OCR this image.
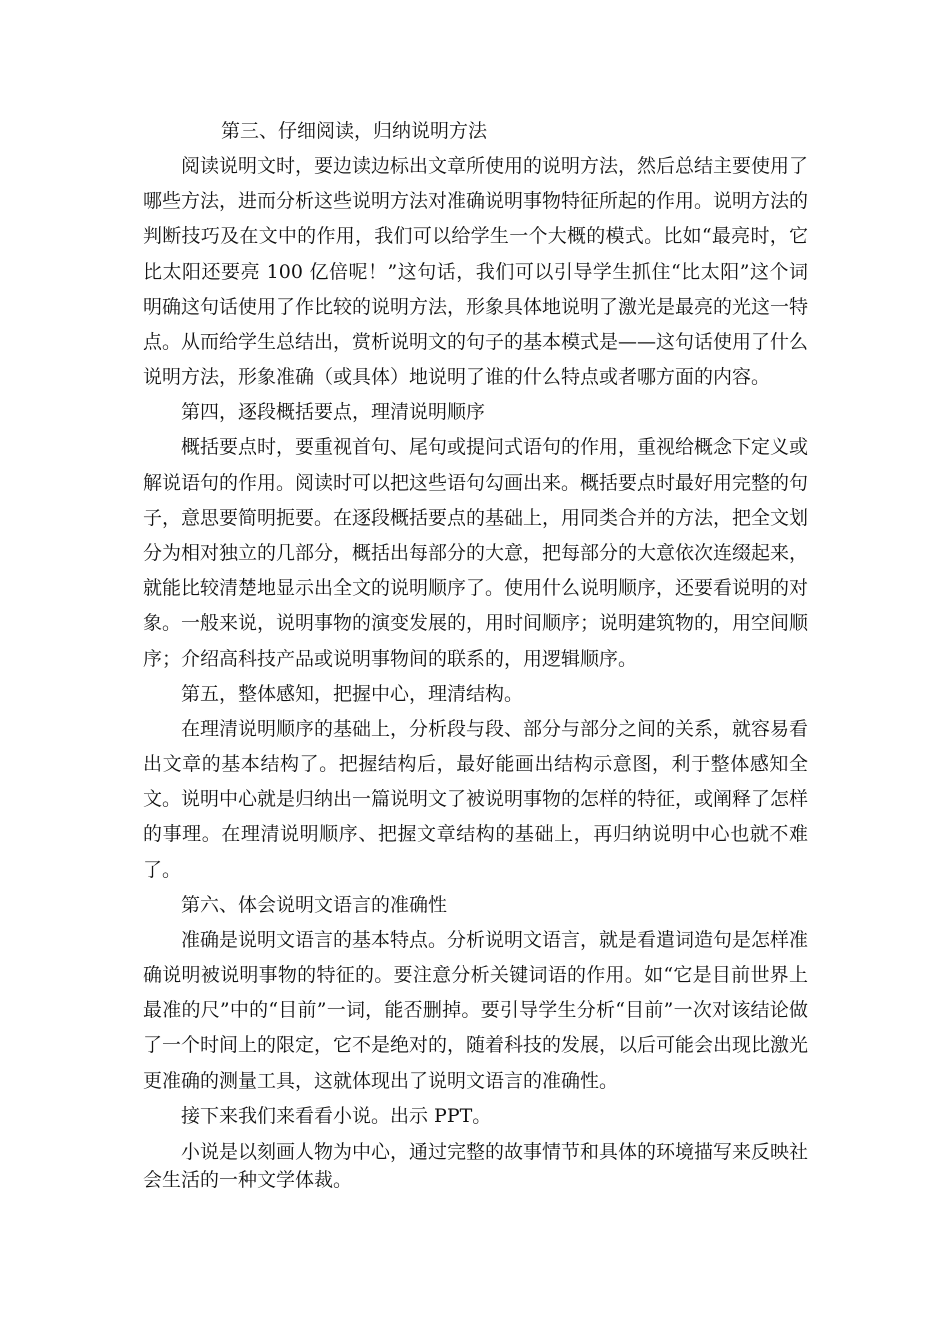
第三、仔细阅读，归纳说明方法

阅读说明文时，要边读边标出文章所使用的说明方法，然后总结主要使用了哪些方法，进而分析这些说明方法对准确说明事物特征所起的作用。说明方法的判断技巧及在文中的作用，我们可以给学生一个大概的模式。比如“最亮时，它比太阳还要亮 100 亿倍呢！”这句话，我们可以引导学生抓住“比太阳”这个词明确这句话使用了作比较的说明方法，形象具体地说明了激光是最亮的光这一特点。从而给学生总结出，赏析说明文的句子的基本模式是——这句话使用了什么说明方法，形象准确（或具体）地说明了谁的什么特点或者哪方面的内容。

第四，逐段概括要点，理清说明顺序

概括要点时，要重视首句、尾句或提问式语句的作用，重视给概念下定义或解说语句的作用。阅读时可以把这些语句勾画出来。概括要点时最好用完整的句子，意思要简明扼要。在逐段概括要点的基础上，用同类合并的方法，把全文划分为相对独立的几部分，概括出每部分的大意，把每部分的大意依次连缀起来，就能比较清楚地显示出全文的说明顺序了。使用什么说明顺序，还要看说明的对象。一般来说，说明事物的演变发展的，用时间顺序；说明建筑物的，用空间顺序；介绍高科技产品或说明事物间的联系的，用逻辑顺序。

第五，整体感知，把握中心，理清结构。

在理清说明顺序的基础上，分析段与段、部分与部分之间的关系，就容易看出文章的基本结构了。把握结构后，最好能画出结构示意图，利于整体感知全文。说明中心就是归纳出一篇说明文了被说明事物的怎样的特征，或阐释了怎样的事理。在理清说明顺序、把握文章结构的基础上，再归纳说明中心也就不难了。

第六、体会说明文语言的准确性

准确是说明文语言的基本特点。分析说明文语言，就是看遣词造句是怎样准确说明被说明事物的特征的。要注意分析关键词语的作用。如“它是目前世界上最准的尺”中的“目前”一词，能否删掉。要引导学生分析“目前”一次对该结论做了一个时间上的限定，它不是绝对的，随着科技的发展，以后可能会出现比激光更准确的测量工具，这就体现出了说明文语言的准确性。

接下来我们来看看小说。出示 PPT。

小说是以刻画人物为中心，通过完整的故事情节和具体的环境描写来反映社会生活的一种文学体裁。
